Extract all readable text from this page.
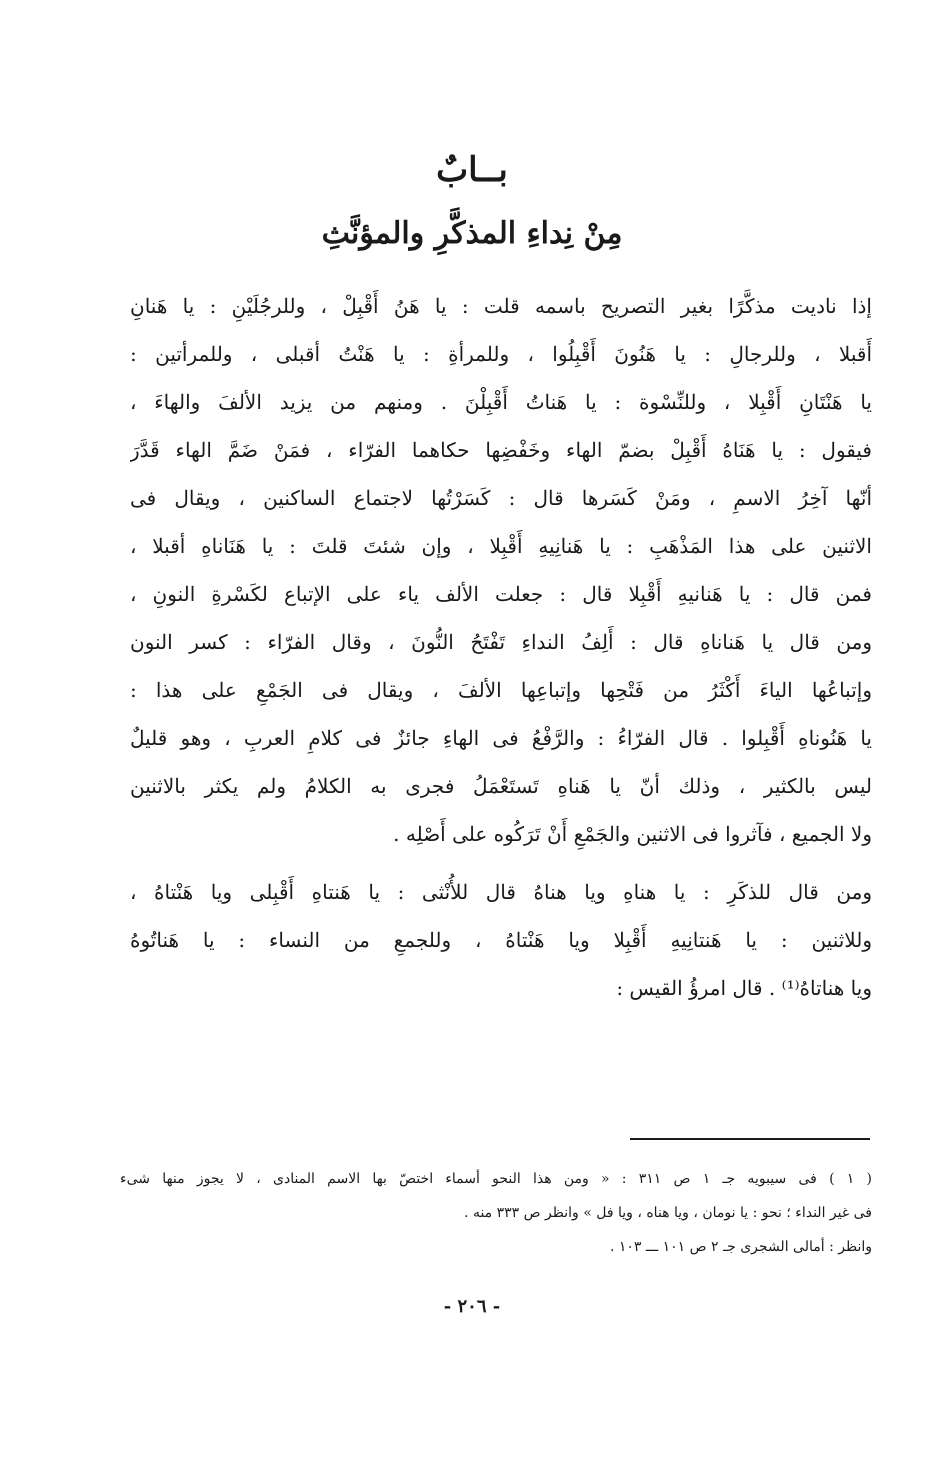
بــابٌ
مِنْ نِداءِ المذكَّرِ والمؤنَّثِ
إذا ناديت مذكَّرًا بغير التصريح باسمه قلت : يا هَنُ أَقْبِلْ ، وللرجُلَيْنِ : يا هَنانِ
أَقبلا ، وللرجالِ : يا هَنُونَ أَقْبِلُوا ، وللمرأةِ : يا هَنْتُ أقبلى ، وللمرأتين :
يا هَنْتَانِ أَقْبِلا ، وللنِّسْوة : يا هَناتُ أَقْبِلْنَ . ومنهم من يزيد الألفَ والهاءَ ،
فيقول : يا هَنَاهُ أَقْبِلْ بضمّ الهاء وخَفْضِها حكاهما الفرّاء ، فمَنْ ضَمَّ الهاء قَدَّرَ
أنّها آخِرُ الاسمِ ، ومَنْ كَسَرها قال : كَسَرْتُها لاجتماع الساكنين ، ويقال فى
الاثنين على هذا المَذْهَبِ : يا هَنانِيهِ أَقْبِلا ، وإن شئتَ قلتَ : يا هَنَاناهِ أقبلا ،
فمن قال : يا هَنانيهِ أَقْبِلا قال : جعلت الألف ياء على الإتباع لكَسْرةِ النونِ ،
ومن قال يا هَناناهِ قال : أَلِفُ النداءِ تَفْتَحُ النُّونَ ، وقال الفرّاء : كسر النون
وإتباعُها الياءَ أَكْثَرُ من فَتْحِها وإتباعِها الألفَ ، ويقال فى الجَمْعِ على هذا :
يا هَنُوناهِ أَقْبِلوا . قال الفرّاءُ : والرَّفْعُ فى الهاءِ جائزٌ فى كلامِ العربِ ، وهو قليلٌ
ليس بالكثير ، وذلك أنّ يا هَناهِ تَستَعْمَلُ فجرى به الكلامُ ولم يكثر بالاثنين
ولا الجميع ، فآثروا فى الاثنين والجَمْعِ أَنْ تَرَكُوه على أَصْلِه .
ومن قال للذكَرِ : يا هناهِ ويا هناهُ قال للأُنْثى : يا هَنتاهِ أَقْبِلى ويا هَنْتاهُ ،
وللاثنين : يا هَنتانِيهِ أَقْبِلا ويا هَنْتاهُ ، وللجمعِ من النساء : يا هَناتُوهُ
ويا هناتاهُ⁽¹⁾ . قال امرؤُ القيس :
( ١ ) فى سيبويه جـ ١ ص ٣١١ : « ومن هذا النحو أسماء اختصّ بها الاسم المنادى ، لا يجوز منها شىء
فى غير النداء ؛ نحو : يا نومان ، ويا هناه ، ويا فل » وانظر ص ٣٣٣ منه .
وانظر : أمالى الشجرى جـ ٢ ص ١٠١ ـــ ١٠٣ .
- ٢٠٦ -
